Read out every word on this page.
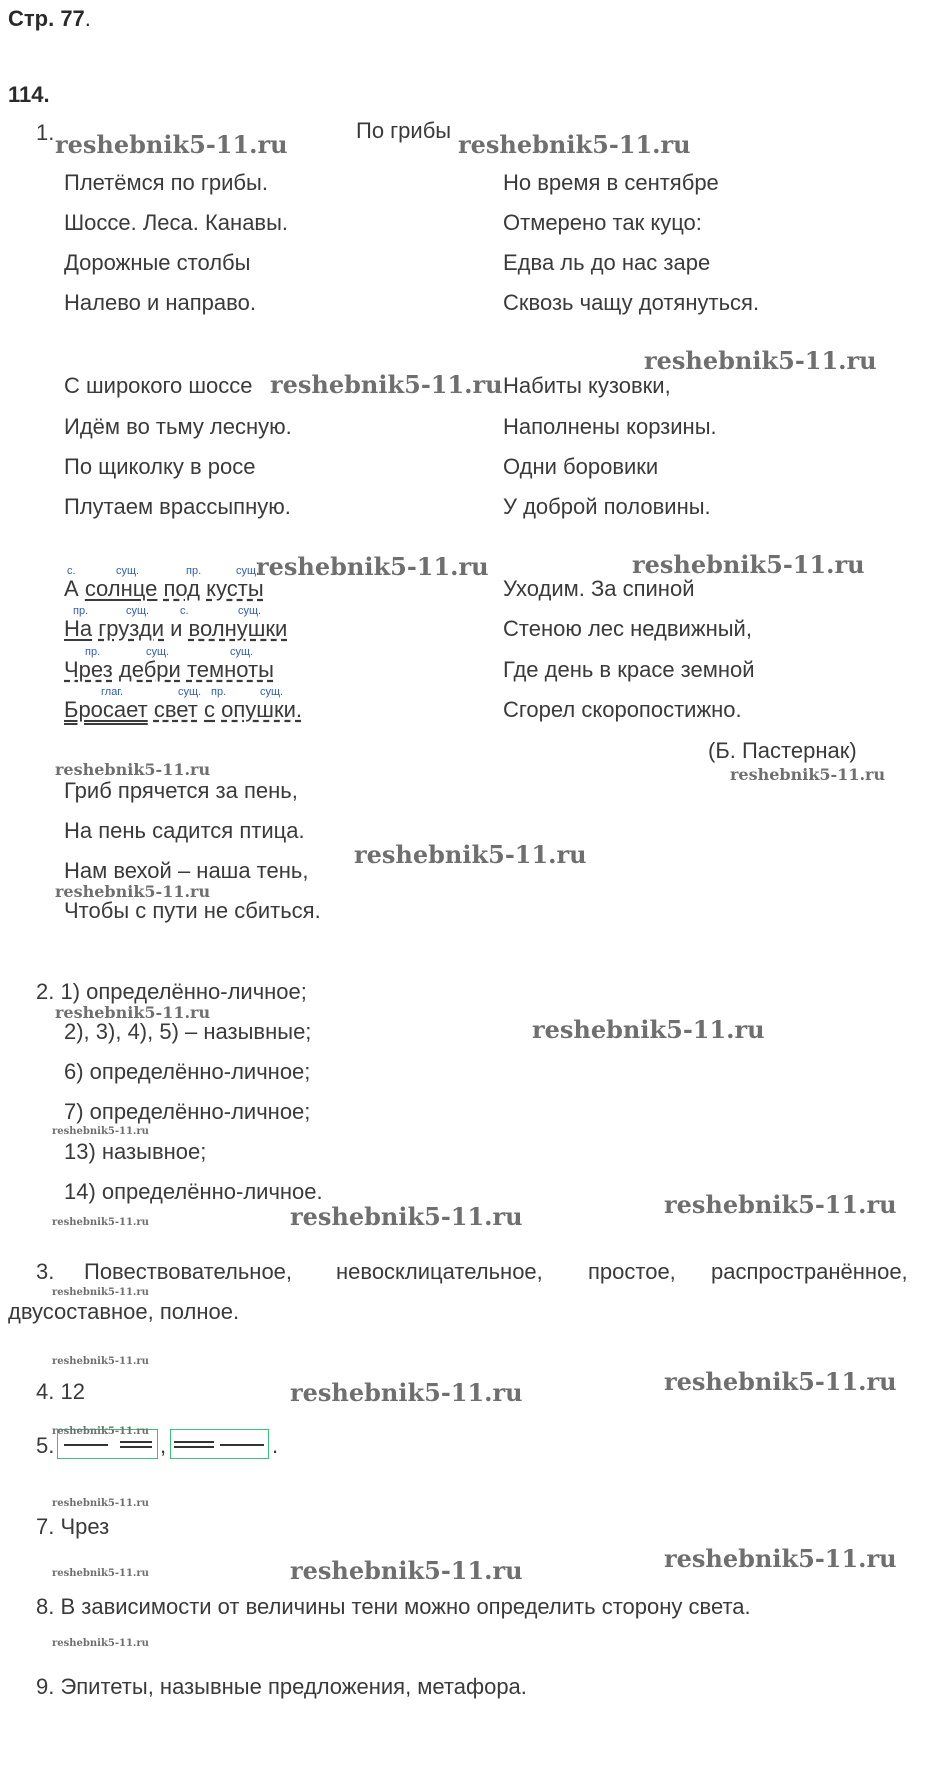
Стр. 77.
114.
1.	По грибы
reshebnik5-11.ru	reshebnik5-11.ru
Плетёмся по грибы.
Шоссе. Леса. Канавы.
Дорожные столбы
Налево и направо.
Но время в сентябре
Отмерено так куцо:
Едва ль до нас заре
Сквозь чащу дотянуться.
reshebnik5-11.ru
reshebnik5-11.ru
С широкого шоссе
Идём во тьму лесную.
По щиколку в росе
Плутаем врассыпную.
Набиты кузовки,
Наполнены корзины.
Одни боровики
У доброй половины.
reshebnik5-11.ru	reshebnik5-11.ru
с.	сущ.	пр.	сущ.
А солнце под кусты
пр.	сущ.	с.	сущ.
На грузди и волнушки
пр.	сущ.	сущ.
Чрез дебри темноты
глаг.	сущ. пр.	сущ.
Бросает свет с опушки.
Уходим. За спиной
Стеною лес недвижный,
Где день в красе земной
Сгорел скоропостижно.
(Б. Пастернак)
reshebnik5-11.ru
reshebnik5-11.ru
Гриб прячется за пень,
На пень садится птица.
Нам вехой – наша тень,
reshebnik5-11.ru
reshebnik5-11.ru
Чтобы с пути не сбиться.
2. 1) определённо-личное;
reshebnik5-11.ru
2), 3), 4), 5) – назывные;	reshebnik5-11.ru
6) определённо-личное;
7) определённо-личное;
reshebnik5-11.ru
13) назывное;
14) определённо-личное.	reshebnik5-11.ru
reshebnik5-11.ru	reshebnik5-11.ru
3. Повествовательное, невосклицательное, простое, распространённое,
reshebnik5-11.ru
двусоставное, полное.
reshebnik5-11.ru
4. 12	reshebnik5-11.ru	reshebnik5-11.ru
5.
reshebnik5-11.ru
,	.
reshebnik5-11.ru
7. Чрез
reshebnik5-11.ru
reshebnik5-11.ru	reshebnik5-11.ru
8. В зависимости от величины тени можно определить сторону света.
reshebnik5-11.ru
9. Эпитеты, назывные предложения, метафора.
